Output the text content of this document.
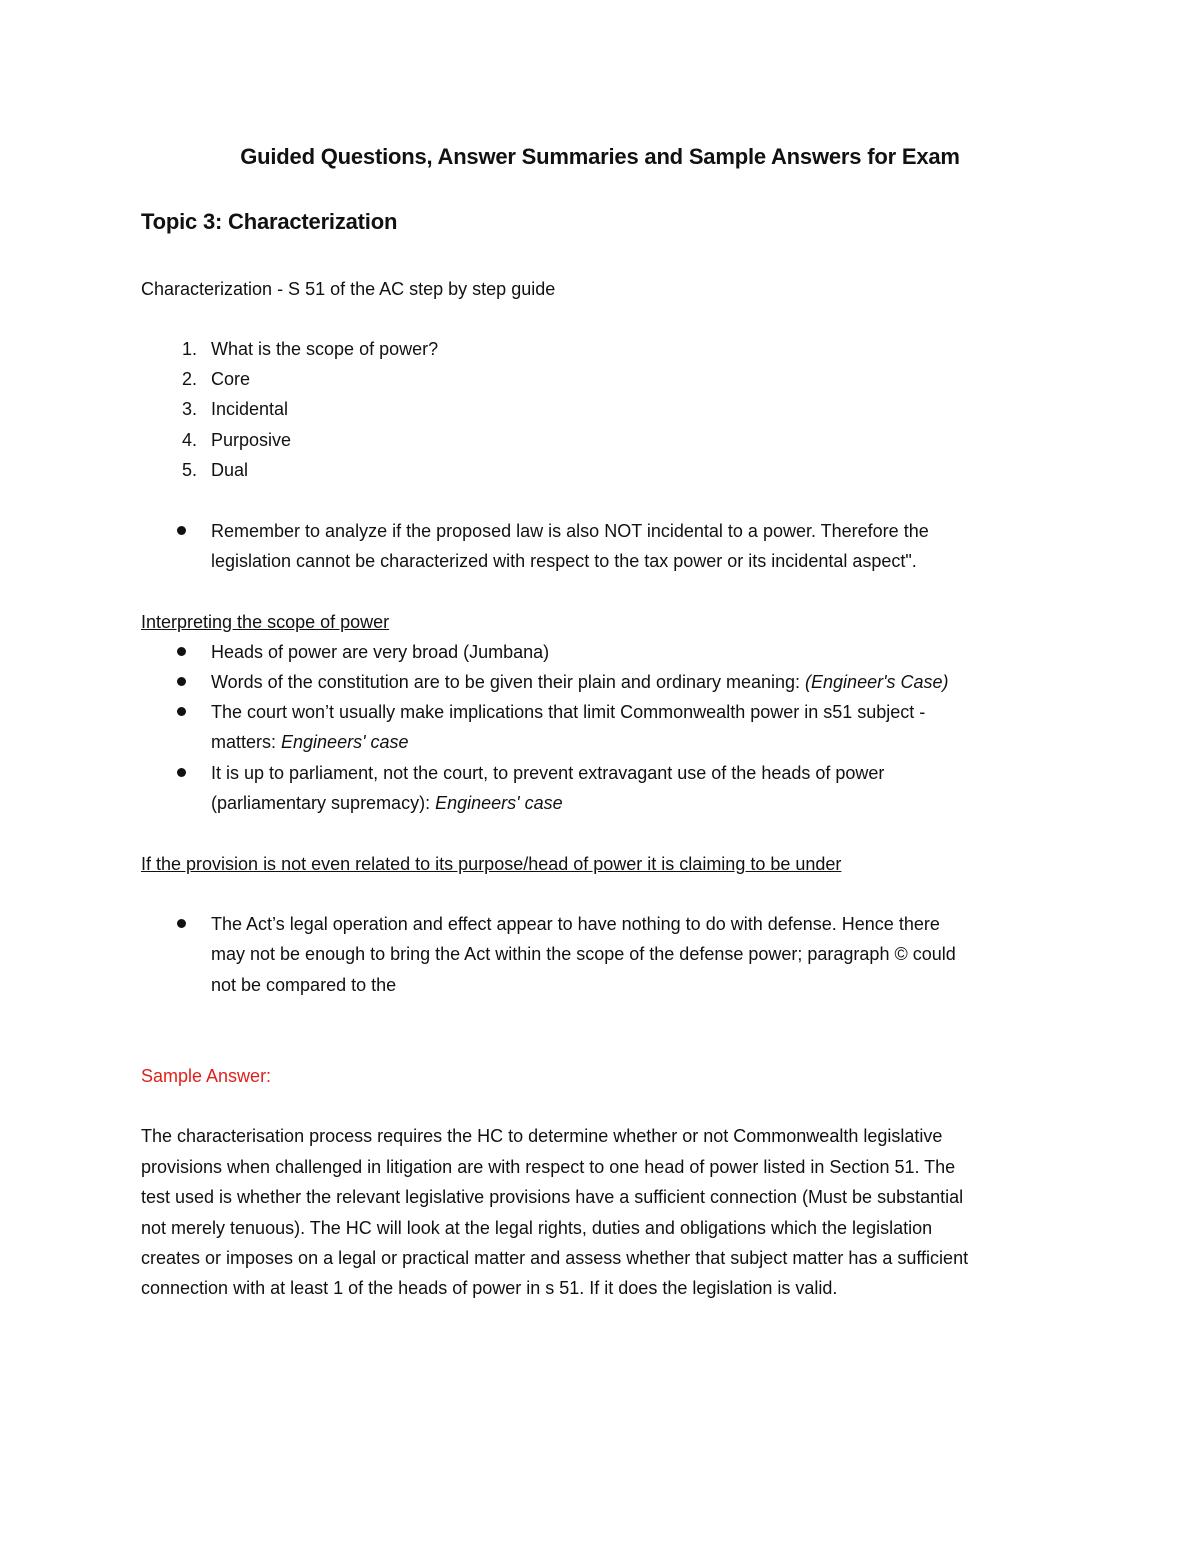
Guided Questions, Answer Summaries and Sample Answers for Exam
Topic 3: Characterization
Characterization - S 51 of the AC step by step guide
1. What is the scope of power?
2. Core
3. Incidental
4. Purposive
5. Dual
Remember to analyze if the proposed law is also NOT incidental to a power. Therefore the
legislation cannot be characterized with respect to the tax power or its incidental aspect".
Interpreting the scope of power
Heads of power are very broad (Jumbana)
Words of the constitution are to be given their plain and ordinary meaning: (Engineer's Case)
The court won’t usually make implications that limit Commonwealth power in s51 subject -
matters: Engineers' case
It is up to parliament, not the court, to prevent extravagant use of the heads of power
(parliamentary supremacy): Engineers' case
If the provision is not even related to its purpose/head of power it is claiming to be under
The Act’s legal operation and effect appear to have nothing to do with defense. Hence there
may not be enough to bring the Act within the scope of the defense power; paragraph © could
not be compared to the
Sample Answer:
The characterisation process requires the HC to determine whether or not Commonwealth legislative
provisions when challenged in litigation are with respect to one head of power listed in Section 51. The
test used is whether the relevant legislative provisions have a sufficient connection (Must be substantial
not merely tenuous). The HC will look at the legal rights, duties and obligations which the legislation
creates or imposes on a legal or practical matter and assess whether that subject matter has a sufficient
connection with at least 1 of the heads of power in s 51. If it does the legislation is valid.
